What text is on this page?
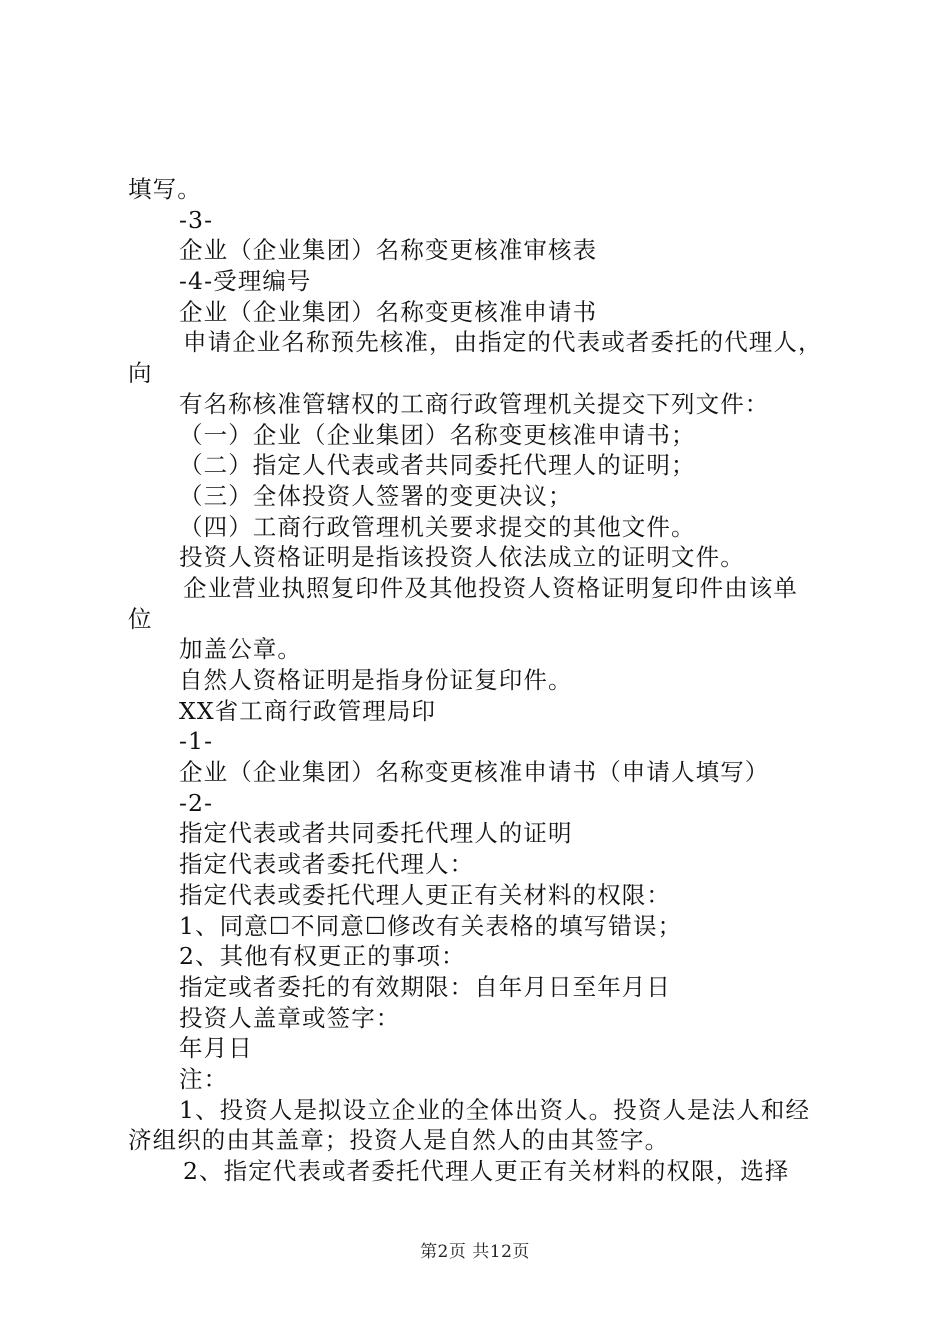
填写。
-3-
企业（企业集团）名称变更核准审核表
-4-受理编号
企业（企业集团）名称变更核准申请书
申请企业名称预先核准，由指定的代表或者委托的代理人，
向
有名称核准管辖权的工商行政管理机关提交下列文件：
（一）企业（企业集团）名称变更核准申请书；
（二）指定人代表或者共同委托代理人的证明；
（三）全体投资人签署的变更决议；
（四）工商行政管理机关要求提交的其他文件。
投资人资格证明是指该投资人依法成立的证明文件。
企业营业执照复印件及其他投资人资格证明复印件由该单
位
加盖公章。
自然人资格证明是指身份证复印件。
XX省工商行政管理局印
-1-
企业（企业集团）名称变更核准申请书（申请人填写）
-2-
指定代表或者共同委托代理人的证明
指定代表或者委托代理人：
指定代表或委托代理人更正有关材料的权限：
1、同意☐不同意☐修改有关表格的填写错误；
2、其他有权更正的事项：
指定或者委托的有效期限：自年月日至年月日
投资人盖章或签字：
年月日
注：
1、投资人是拟设立企业的全体出资人。投资人是法人和经
济组织的由其盖章；投资人是自然人的由其签字。
2、指定代表或者委托代理人更正有关材料的权限，选择
第2页 共12页
